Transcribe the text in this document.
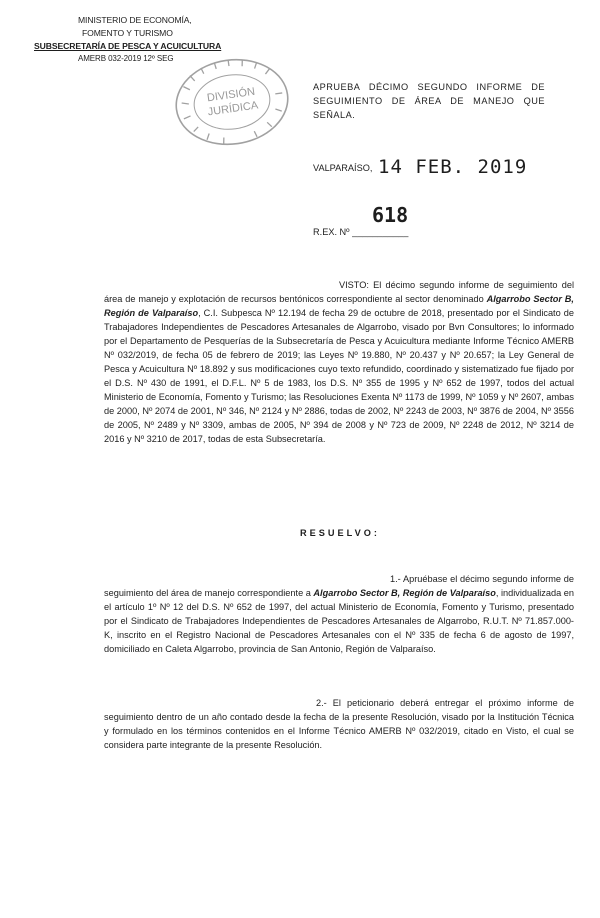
MINISTERIO DE ECONOMÍA,
FOMENTO Y TURISMO
SUBSECRETARÍA DE PESCA Y ACUICULTURA
AMERB 032-2019 12º SEG
DIVISIÓN
JURÍDICA
APRUEBA DÉCIMO SEGUNDO INFORME DE SEGUIMIENTO DE ÁREA DE MANEJO QUE SEÑALA.
VALPARAÍSO, 14 FEB. 2019
618
R.EX. Nº ___________
VISTO: El décimo segundo informe de seguimiento del área de manejo y explotación de recursos bentónicos correspondiente al sector denominado Algarrobo Sector B, Región de Valparaíso, C.I. Subpesca Nº 12.194 de fecha 29 de octubre de 2018, presentado por el Sindicato de Trabajadores Independientes de Pescadores Artesanales de Algarrobo, visado por Bvn Consultores; lo informado por el Departamento de Pesquerías de la Subsecretaría de Pesca y Acuicultura mediante Informe Técnico AMERB Nº 032/2019, de fecha 05 de febrero de 2019; las Leyes Nº 19.880, Nº 20.437 y Nº 20.657; la Ley General de Pesca y Acuicultura Nº 18.892 y sus modificaciones cuyo texto refundido, coordinado y sistematizado fue fijado por el D.S. Nº 430 de 1991, el D.F.L. Nº 5 de 1983, los D.S. Nº 355 de 1995 y Nº 652 de 1997, todos del actual Ministerio de Economía, Fomento y Turismo; las Resoluciones Exenta Nº 1173 de 1999, Nº 1059 y Nº 2607, ambas de 2000, Nº 2074 de 2001, Nº 346, Nº 2124 y Nº 2886, todas de 2002, Nº 2243 de 2003, Nº 3876 de 2004, Nº 3556 de 2005, Nº 2489 y Nº 3309, ambas de 2005, Nº 394 de 2008 y Nº 723 de 2009, Nº 2248 de 2012, Nº 3214 de 2016 y Nº 3210 de 2017, todas de esta Subsecretaría.
RESUELVO:
1.- Apruébase el décimo segundo informe de seguimiento del área de manejo correspondiente a Algarrobo Sector B, Región de Valparaíso, individualizada en el artículo 1º Nº 12 del D.S. Nº 652 de 1997, del actual Ministerio de Economía, Fomento y Turismo, presentado por el Sindicato de Trabajadores Independientes de Pescadores Artesanales de Algarrobo, R.U.T. Nº 71.857.000-K, inscrito en el Registro Nacional de Pescadores Artesanales con el Nº 335 de fecha 6 de agosto de 1997, domiciliado en Caleta Algarrobo, provincia de San Antonio, Región de Valparaíso.
2.- El peticionario deberá entregar el próximo informe de seguimiento dentro de un año contado desde la fecha de la presente Resolución, visado por la Institución Técnica y formulado en los términos contenidos en el Informe Técnico AMERB Nº 032/2019, citado en Visto, el cual se considera parte integrante de la presente Resolución.
